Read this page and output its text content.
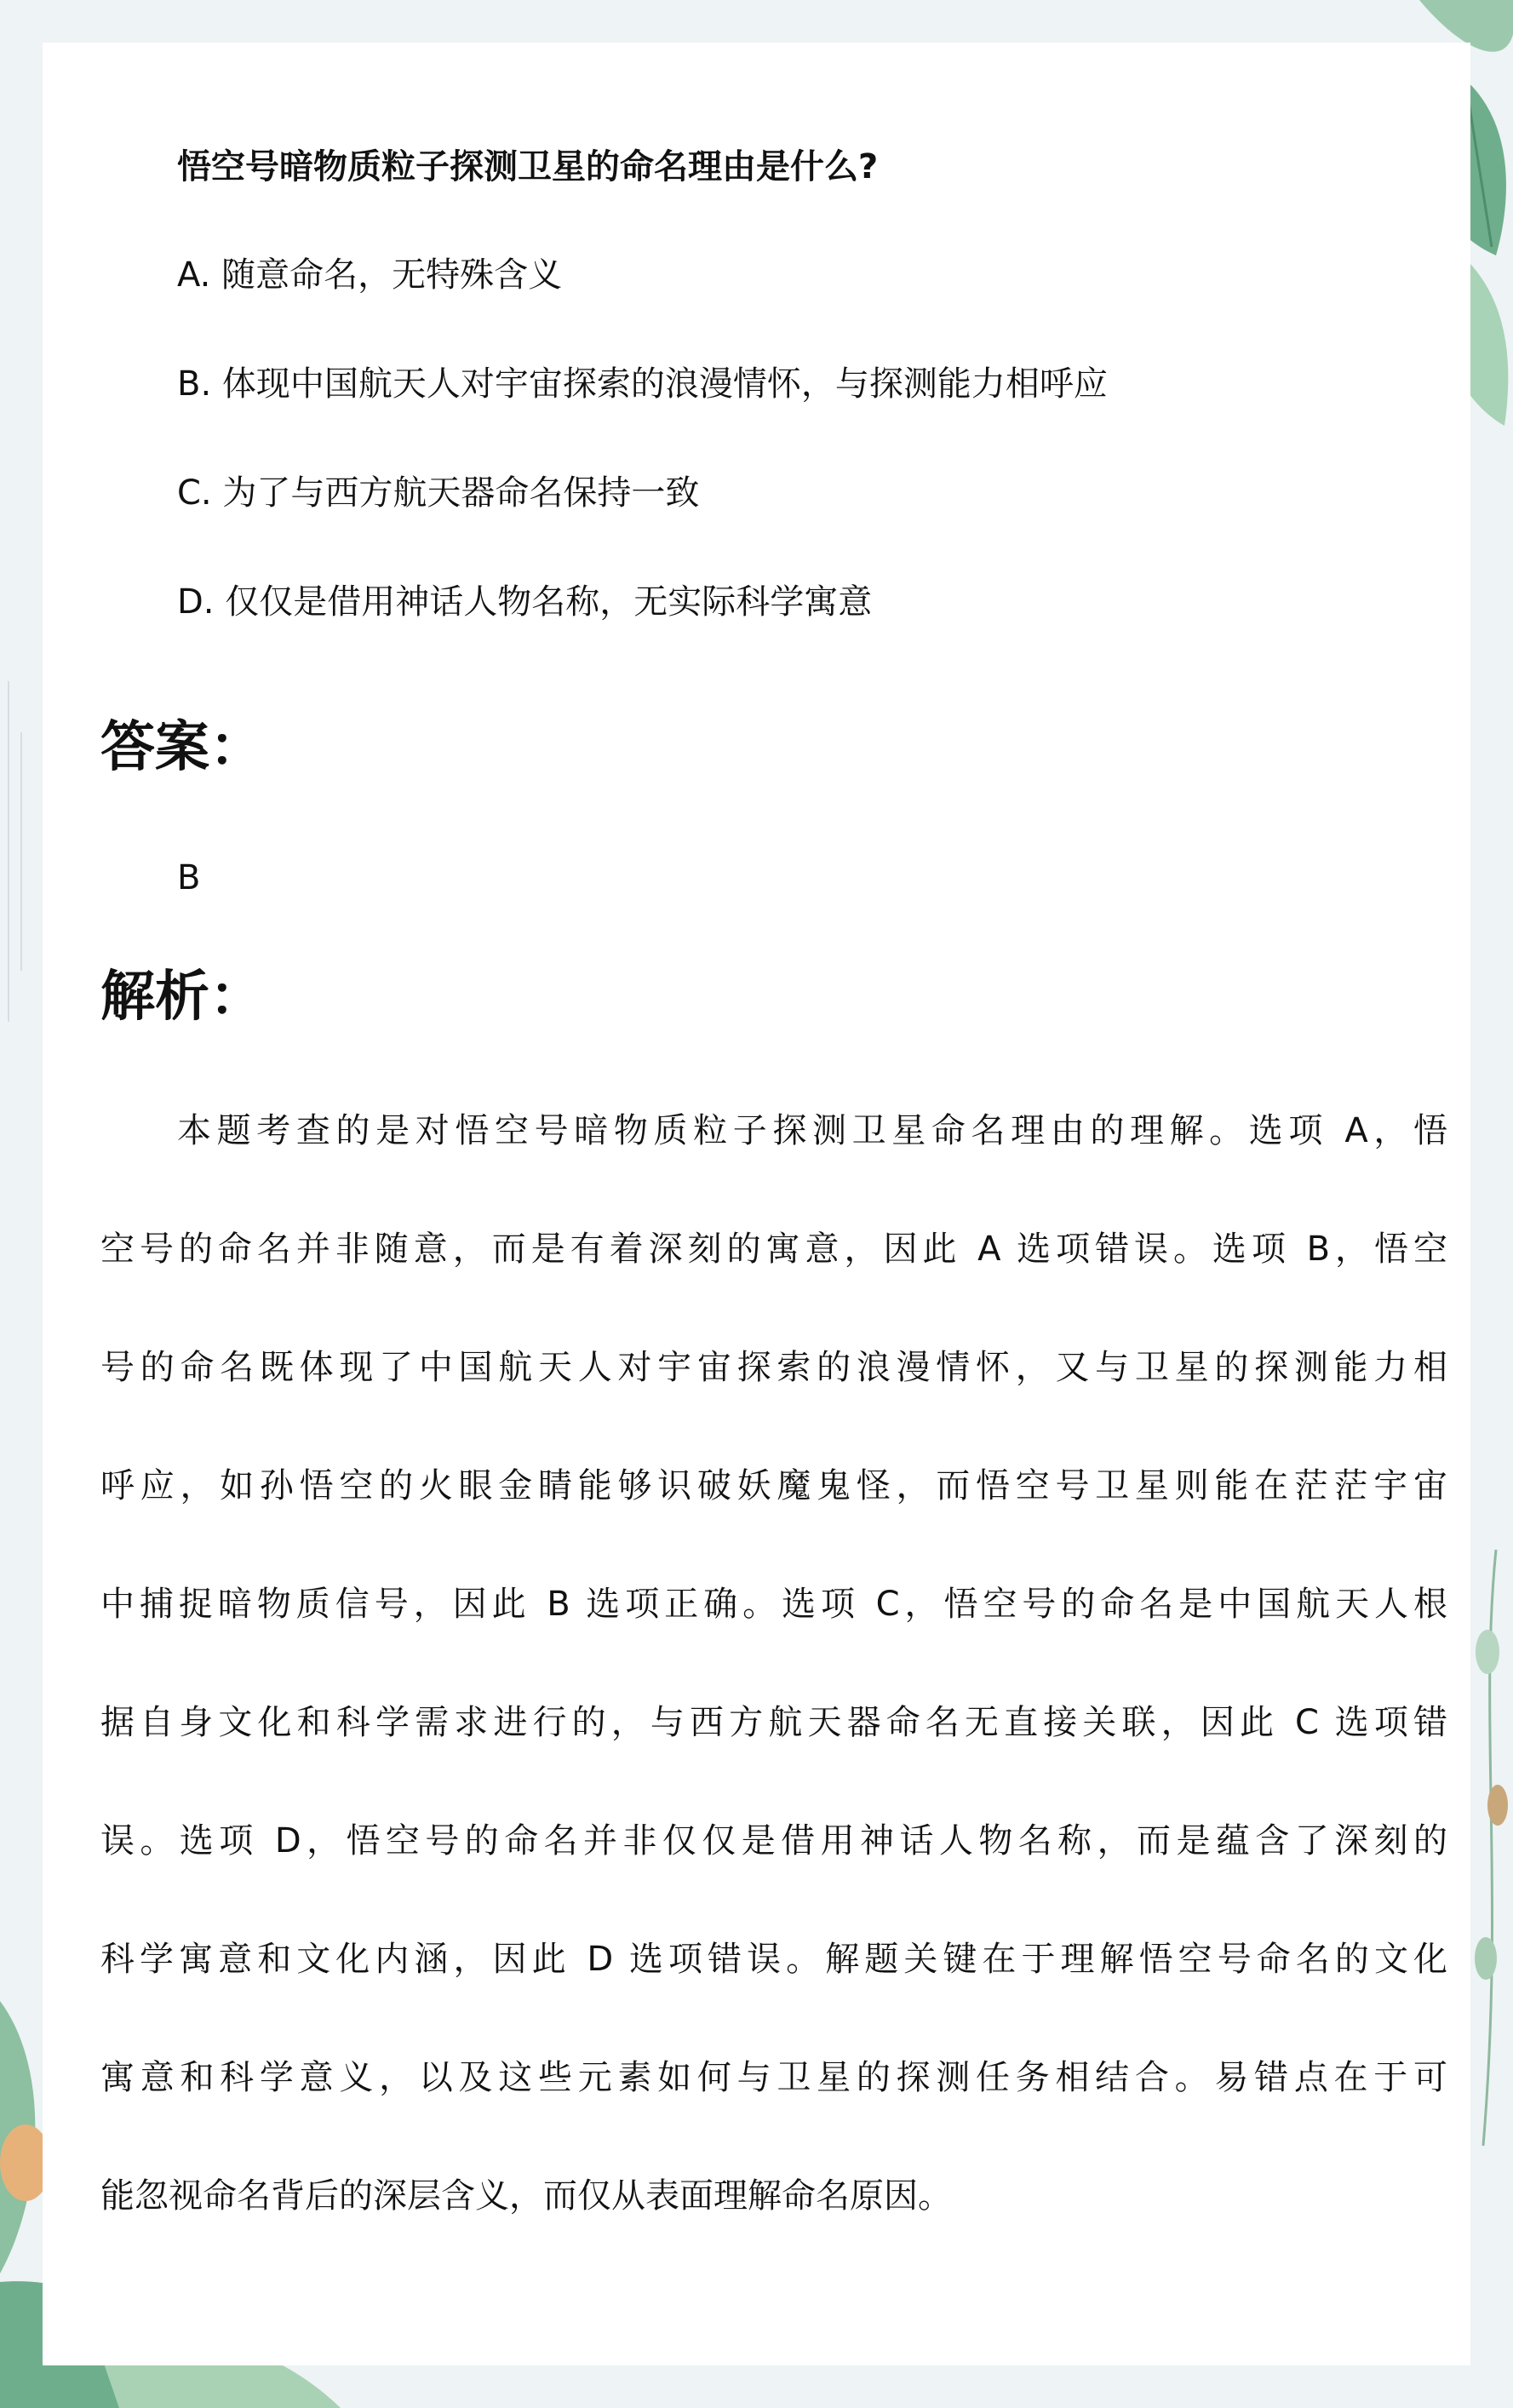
悟空号暗物质粒子探测卫星的命名理由是什么?
A. 随意命名，无特殊含义
B. 体现中国航天人对宇宙探索的浪漫情怀，与探测能力相呼应
C. 为了与西方航天器命名保持一致
D. 仅仅是借用神话人物名称，无实际科学寓意
答案：
B
解析：
本题考查的是对悟空号暗物质粒子探测卫星命名理由的理解。选项 A，悟
空号的命名并非随意，而是有着深刻的寓意，因此 A 选项错误。选项 B，悟空
号的命名既体现了中国航天人对宇宙探索的浪漫情怀，又与卫星的探测能力相
呼应，如孙悟空的火眼金睛能够识破妖魔鬼怪，而悟空号卫星则能在茫茫宇宙
中捕捉暗物质信号，因此 B 选项正确。选项 C，悟空号的命名是中国航天人根
据自身文化和科学需求进行的，与西方航天器命名无直接关联，因此 C 选项错
误。选项 D，悟空号的命名并非仅仅是借用神话人物名称，而是蕴含了深刻的
科学寓意和文化内涵，因此 D 选项错误。解题关键在于理解悟空号命名的文化
寓意和科学意义，以及这些元素如何与卫星的探测任务相结合。易错点在于可
能忽视命名背后的深层含义，而仅从表面理解命名原因。
